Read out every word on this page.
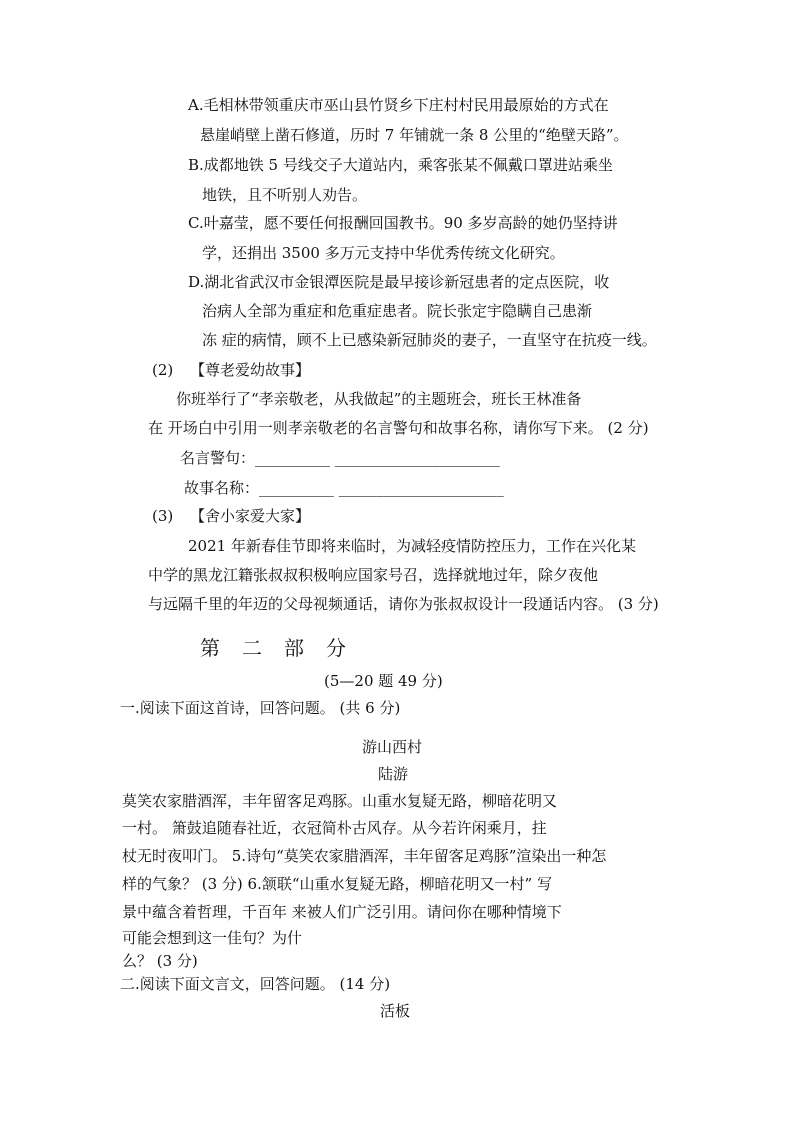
A.毛相林带领重庆市巫山县竹贤乡下庄村村民用最原始的方式在
悬崖峭壁上凿石修道，历时 7 年铺就一条 8 公里的“绝壁天路”。
B.成都地铁 5 号线交子大道站内，乘客张某不佩戴口罩进站乘坐
地铁，且不听别人劝告。
C.叶嘉莹，愿不要任何报酬回国教书。90 多岁高龄的她仍坚持讲
学，还捐出 3500 多万元支持中华优秀传统文化研究。
D.湖北省武汉市金银潭医院是最早接诊新冠患者的定点医院，收
治病人全部为重症和危重症患者。院长张定宇隐瞒自己患渐
冻 症的病情，顾不上已感染新冠肺炎的妻子，一直坚守在抗疫一线。
(2) 【尊老爱幼故事】
你班举行了“孝亲敬老，从我做起”的主题班会，班长王林准备
在 开场白中引用一则孝亲敬老的名言警句和故事名称，请你写下来。 (2 分)
名言警句：__________ ______________________
故事名称：__________ ______________________
(3) 【舍小家爱大家】
2021 年新春佳节即将来临时，为减轻疫情防控压力，工作在兴化某
中学的黑龙江籍张叔叔积极响应国家号召，选择就地过年，除夕夜他
与远隔千里的年迈的父母视频通话，请你为张叔叔设计一段通话内容。 (3 分)
第　二　部　分
(5—20 题 49 分)
一.阅读下面这首诗，回答问题。 (共 6 分)
游山西村
陆游
莫笑农家腊酒浑，丰年留客足鸡豚。山重水复疑无路，柳暗花明又
一村。 箫鼓追随春社近，衣冠简朴古风存。从今若许闲乘月，拄
杖无时夜叩门。 5.诗句“莫笑农家腊酒浑，丰年留客足鸡豚”渲染出一种怎
样的气象？ (3 分) 6.颔联“山重水复疑无路，柳暗花明又一村” 写
景中蕴含着哲理，千百年 来被人们广泛引用。请问你在哪种情境下
可能会想到这一佳句？为什
么？ (3 分)
二.阅读下面文言文，回答问题。 (14 分)
活板
